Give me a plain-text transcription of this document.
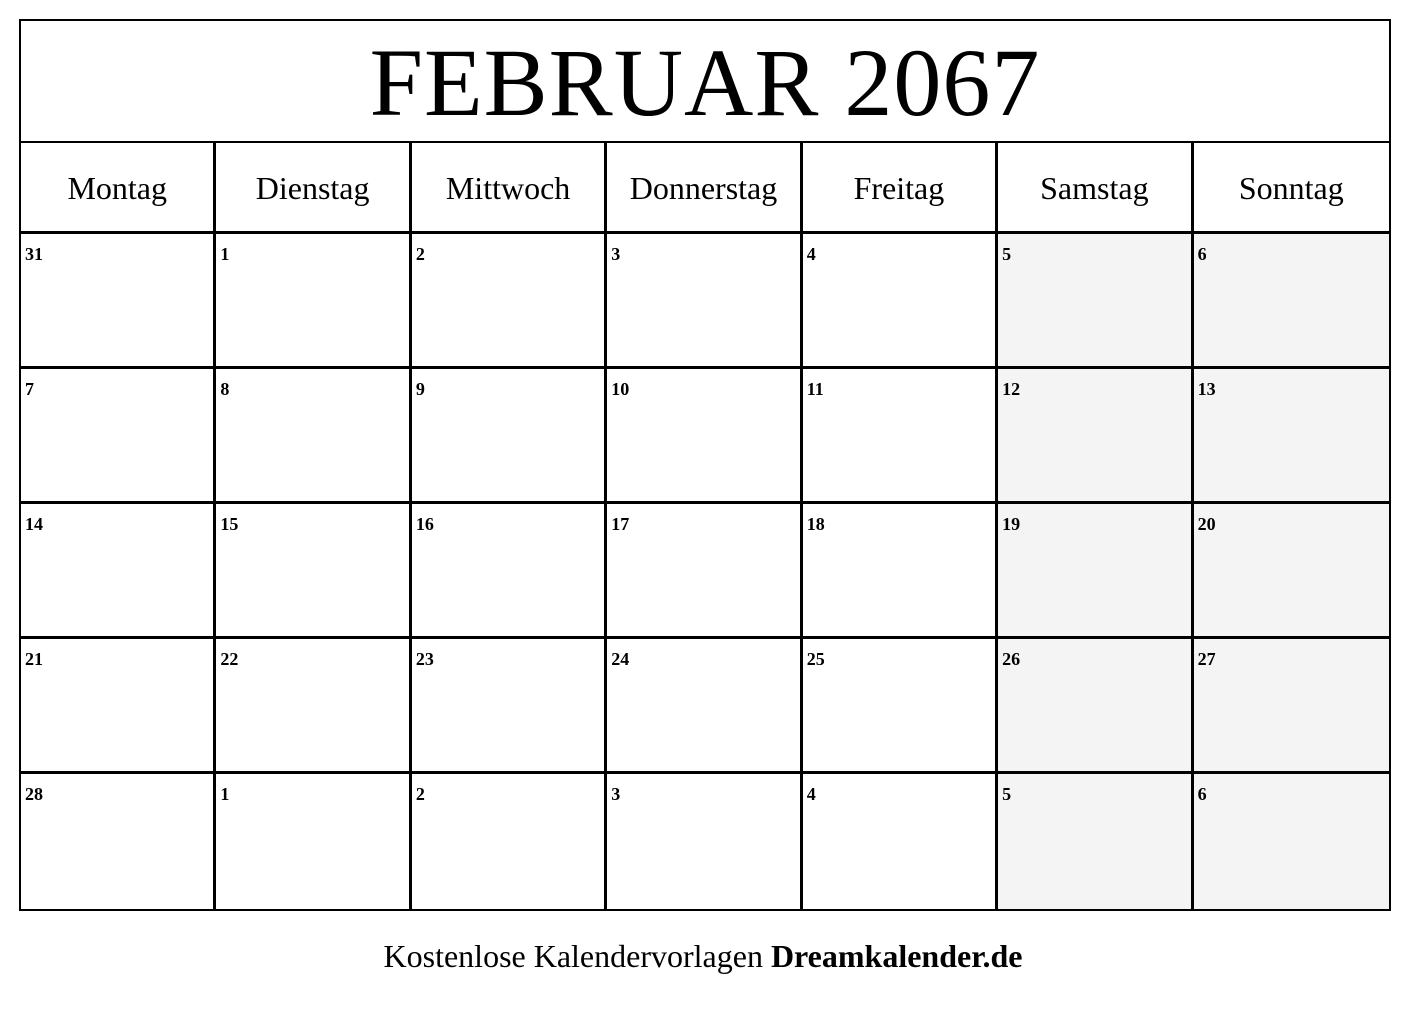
FEBRUAR 2067
Montag	Dienstag	Mittwoch	Donnerstag	Freitag	Samstag	Sonntag
31	1	2	3	4	5	6
7	8	9	10	11	12	13
14	15	16	17	18	19	20
21	22	23	24	25	26	27
28	1	2	3	4	5	6
Kostenlose Kalendervorlagen Dreamkalender.de
